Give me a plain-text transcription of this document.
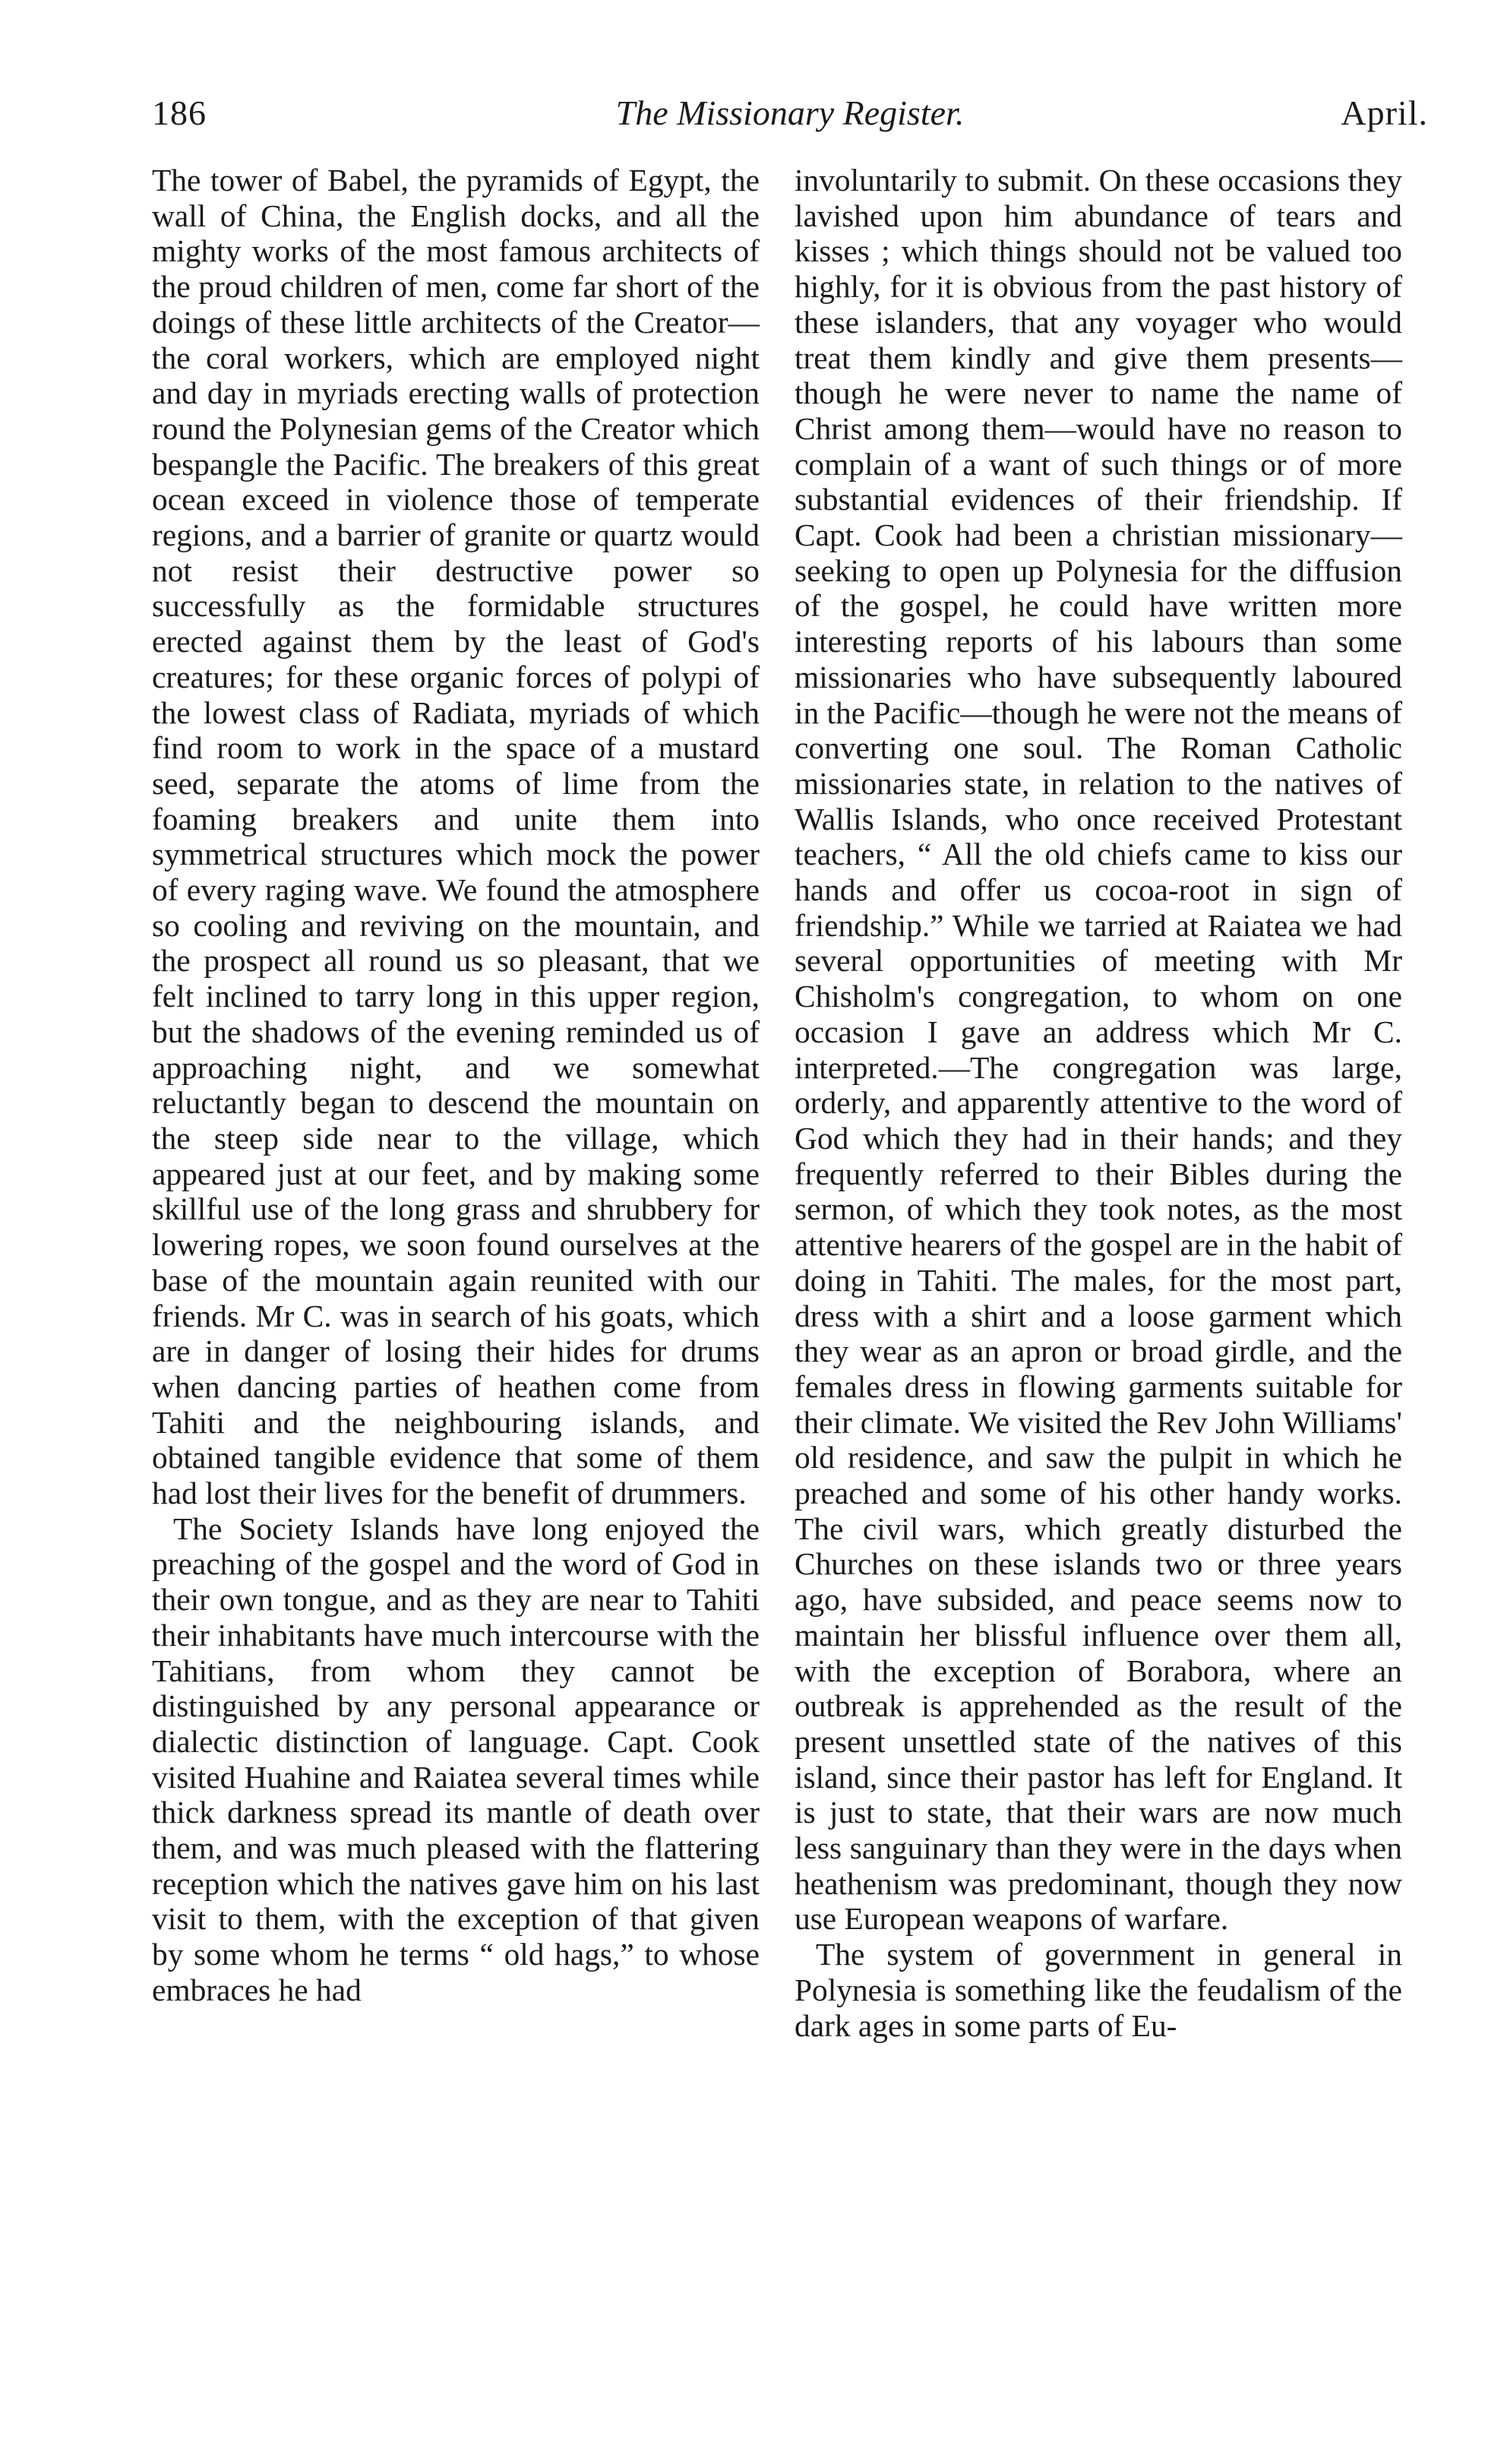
186	The Missionary Register.	April.

The tower of Babel, the pyramids of Egypt, the wall of China, the English docks, and all the mighty works of the most famous architects of the proud children of men, come far short of the doings of these little architects of the Creator—the coral workers, which are employed night and day in myriads erecting walls of protection round the Polynesian gems of the Creator which bespangle the Pacific. The breakers of this great ocean exceed in violence those of temperate regions, and a barrier of granite or quartz would not resist their destructive power so successfully as the formidable structures erected against them by the least of God's creatures; for these organic forces of polypi of the lowest class of Radiata, myriads of which find room to work in the space of a mustard seed, separate the atoms of lime from the foaming breakers and unite them into symmetrical structures which mock the power of every raging wave. We found the atmosphere so cooling and reviving on the mountain, and the prospect all round us so pleasant, that we felt inclined to tarry long in this upper region, but the shadows of the evening reminded us of approaching night, and we somewhat reluctantly began to descend the mountain on the steep side near to the village, which appeared just at our feet, and by making some skillful use of the long grass and shrubbery for lowering ropes, we soon found ourselves at the base of the mountain again reunited with our friends. Mr C. was in search of his goats, which are in danger of losing their hides for drums when dancing parties of heathen come from Tahiti and the neighbouring islands, and obtained tangible evidence that some of them had lost their lives for the benefit of drummers.

The Society Islands have long enjoyed the preaching of the gospel and the word of God in their own tongue, and as they are near to Tahiti their inhabitants have much intercourse with the Tahitians, from whom they cannot be distinguished by any personal appearance or dialectic distinction of language. Capt. Cook visited Huahine and Raiatea several times while thick darkness spread its mantle of death over them, and was much pleased with the flattering reception which the natives gave him on his last visit to them, with the exception of that given by some whom he terms “ old hags,” to whose embraces he had

involuntarily to submit. On these occasions they lavished upon him abundance of tears and kisses ; which things should not be valued too highly, for it is obvious from the past history of these islanders, that any voyager who would treat them kindly and give them presents—though he were never to name the name of Christ among them—would have no reason to complain of a want of such things or of more substantial evidences of their friendship. If Capt. Cook had been a christian missionary—seeking to open up Polynesia for the diffusion of the gospel, he could have written more interesting reports of his labours than some missionaries who have subsequently laboured in the Pacific—though he were not the means of converting one soul. The Roman Catholic missionaries state, in relation to the natives of Wallis Islands, who once received Protestant teachers, “ All the old chiefs came to kiss our hands and offer us cocoa-root in sign of friendship.” While we tarried at Raiatea we had several opportunities of meeting with Mr Chisholm's congregation, to whom on one occasion I gave an address which Mr C. interpreted.—The congregation was large, orderly, and apparently attentive to the word of God which they had in their hands; and they frequently referred to their Bibles during the sermon, of which they took notes, as the most attentive hearers of the gospel are in the habit of doing in Tahiti. The males, for the most part, dress with a shirt and a loose garment which they wear as an apron or broad girdle, and the females dress in flowing garments suitable for their climate. We visited the Rev John Williams' old residence, and saw the pulpit in which he preached and some of his other handy works. The civil wars, which greatly disturbed the Churches on these islands two or three years ago, have subsided, and peace seems now to maintain her blissful influence over them all, with the exception of Borabora, where an outbreak is apprehended as the result of the present unsettled state of the natives of this island, since their pastor has left for England. It is just to state, that their wars are now much less sanguinary than they were in the days when heathenism was predominant, though they now use European weapons of warfare.

The system of government in general in Polynesia is something like the feudalism of the dark ages in some parts of Eu-
